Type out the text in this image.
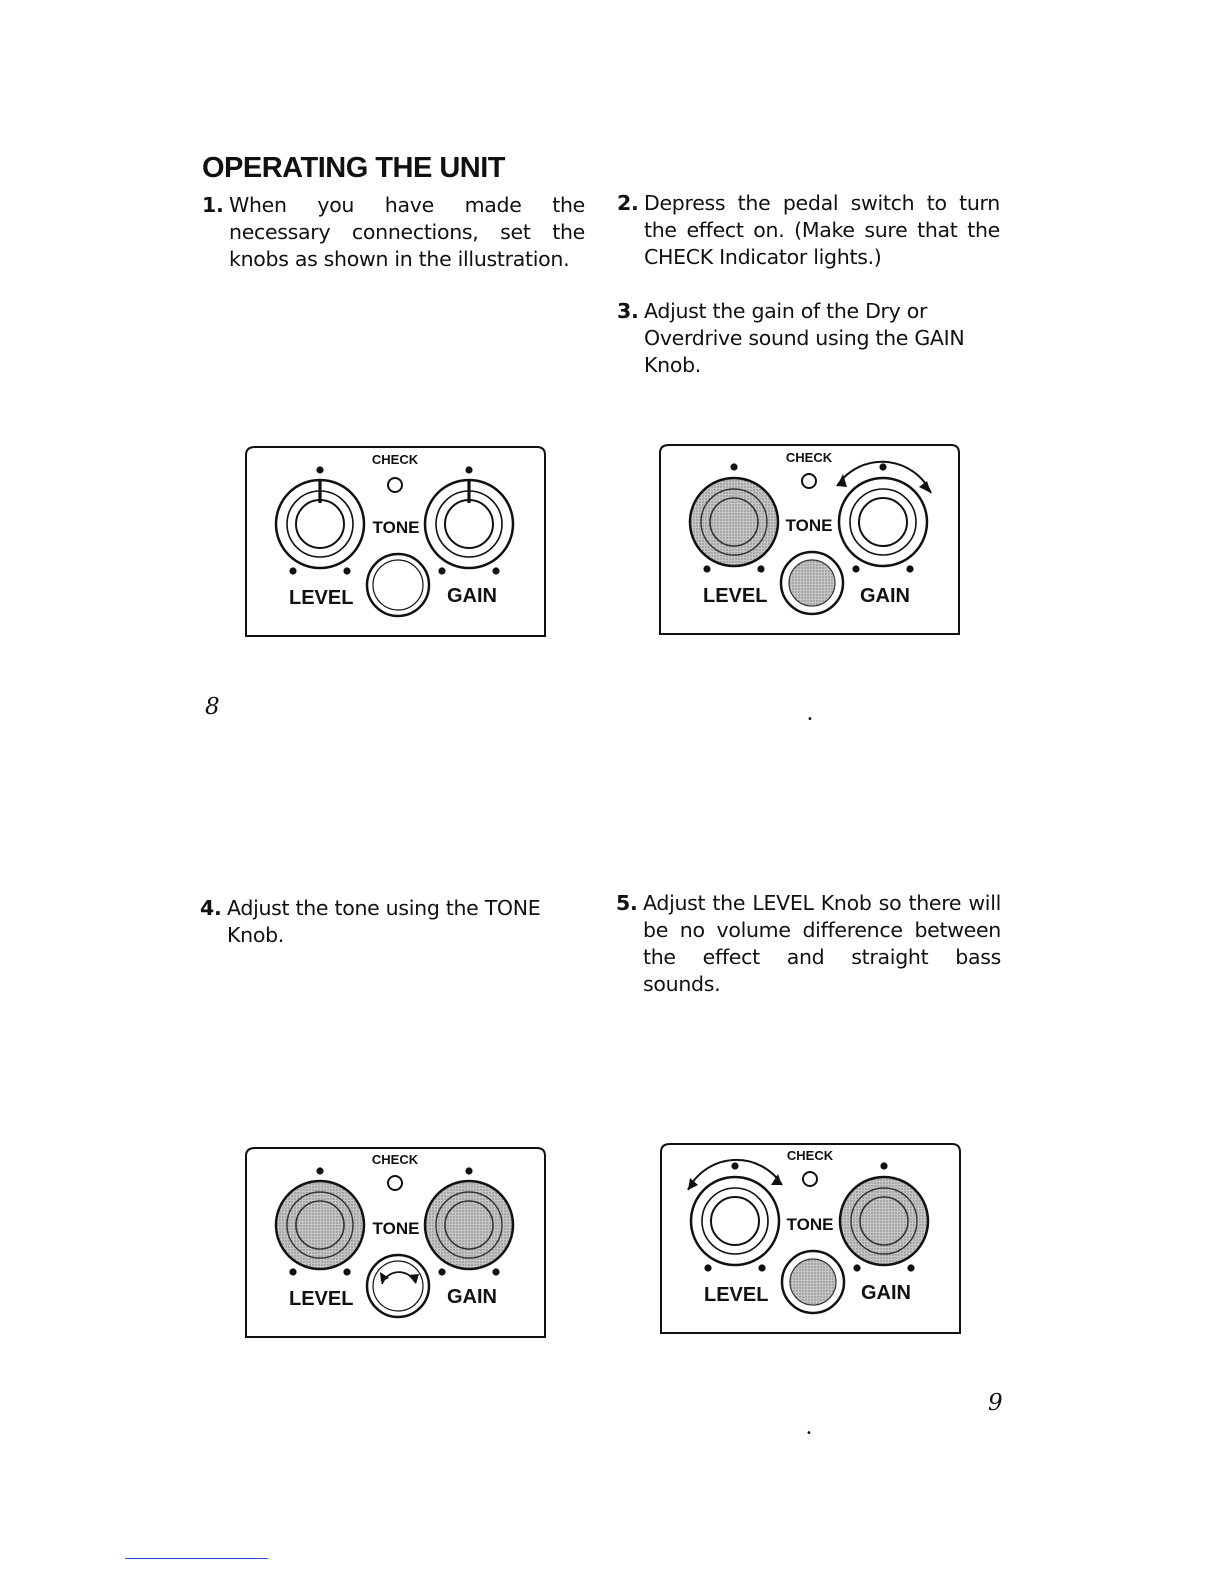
OPERATING THE UNIT
1. When you have made the necessary connections, set the knobs as shown in the illustration.
2. Depress the pedal switch to turn the effect on. (Make sure that the CHECK Indicator lights.)
3. Adjust the gain of the Dry or Overdrive sound using the GAIN Knob.
4. Adjust the tone using the TONE Knob.
5. Adjust the LEVEL Knob so there will be no volume difference between the effect and straight bass sounds.
CHECK
TONE
LEVEL	GAIN
CHECK
TONE
LEVEL	GAIN
CHECK
TONE
LEVEL	GAIN
CHECK
TONE
LEVEL	GAIN

8

9

•
•
